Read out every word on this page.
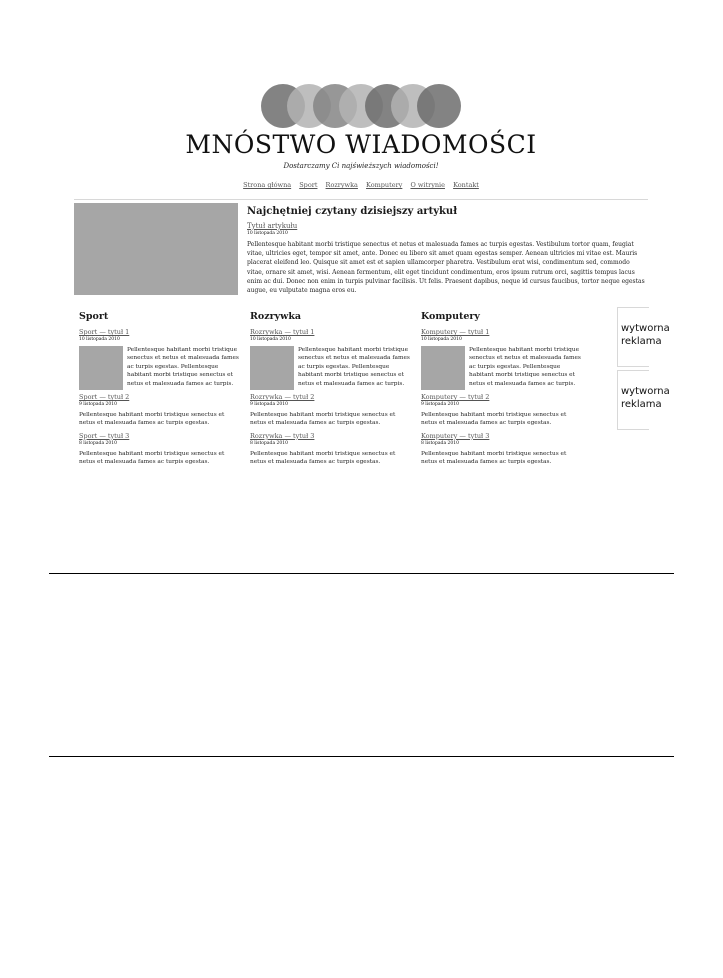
MNÓSTWO WIADOMOŚCI
Dostarczamy Ci najświeższych wiadomości!
Strona główna Sport Rozrywka Komputery O witrynie Kontakt
Najchętniej czytany dzisiejszy artykuł
Tytuł artykułu
10 listopada 2010
Pellentesque habitant morbi tristique senectus et netus et malesuada fames ac turpis egestas. Vestibulum tortor quam, feugiat vitae, ultricies eget, tempor sit amet, ante. Donec eu libero sit amet quam egestas semper. Aenean ultricies mi vitae est. Mauris placerat eleifend leo. Quisque sit amet est et sapien ullamcorper pharetra. Vestibulum erat wisi, condimentum sed, commodo vitae, ornare sit amet, wisi. Aenean fermentum, elit eget tincidunt condimentum, eros ipsum rutrum orci, sagittis tempus lacus enim ac dui. Donec non enim in turpis pulvinar facilisis. Ut felis. Praesent dapibus, neque id cursus faucibus, tortor neque egestas augue, eu vulputate magna eros eu.
Sport
Sport — tytuł 1
10 listopada 2010
Pellentesque habitant morbi tristique senectus et netus et malesuada fames ac turpis egestas. Pellentesque habitant morbi tristique senectus et netus et malesuada fames ac turpis.
Sport — tytuł 2
9 listopada 2010
Pellentesque habitant morbi tristique senectus et netus et malesuada fames ac turpis egestas.
Sport — tytuł 3
8 listopada 2010
Pellentesque habitant morbi tristique senectus et netus et malesuada fames ac turpis egestas.
Rozrywka
Rozrywka — tytuł 1
10 listopada 2010
Pellentesque habitant morbi tristique senectus et netus et malesuada fames ac turpis egestas. Pellentesque habitant morbi tristique senectus et netus et malesuada fames ac turpis.
Rozrywka — tytuł 2
9 listopada 2010
Pellentesque habitant morbi tristique senectus et netus et malesuada fames ac turpis egestas.
Rozrywka — tytuł 3
8 listopada 2010
Pellentesque habitant morbi tristique senectus et netus et malesuada fames ac turpis egestas.
Komputery
Komputery — tytuł 1
10 listopada 2010
Pellentesque habitant morbi tristique senectus et netus et malesuada fames ac turpis egestas. Pellentesque habitant morbi tristique senectus et netus et malesuada fames ac turpis.
Komputery — tytuł 2
9 listopada 2010
Pellentesque habitant morbi tristique senectus et netus et malesuada fames ac turpis egestas.
Komputery — tytuł 3
8 listopada 2010
Pellentesque habitant morbi tristique senectus et netus et malesuada fames ac turpis egestas.
wytworna reklama
wytworna reklama
